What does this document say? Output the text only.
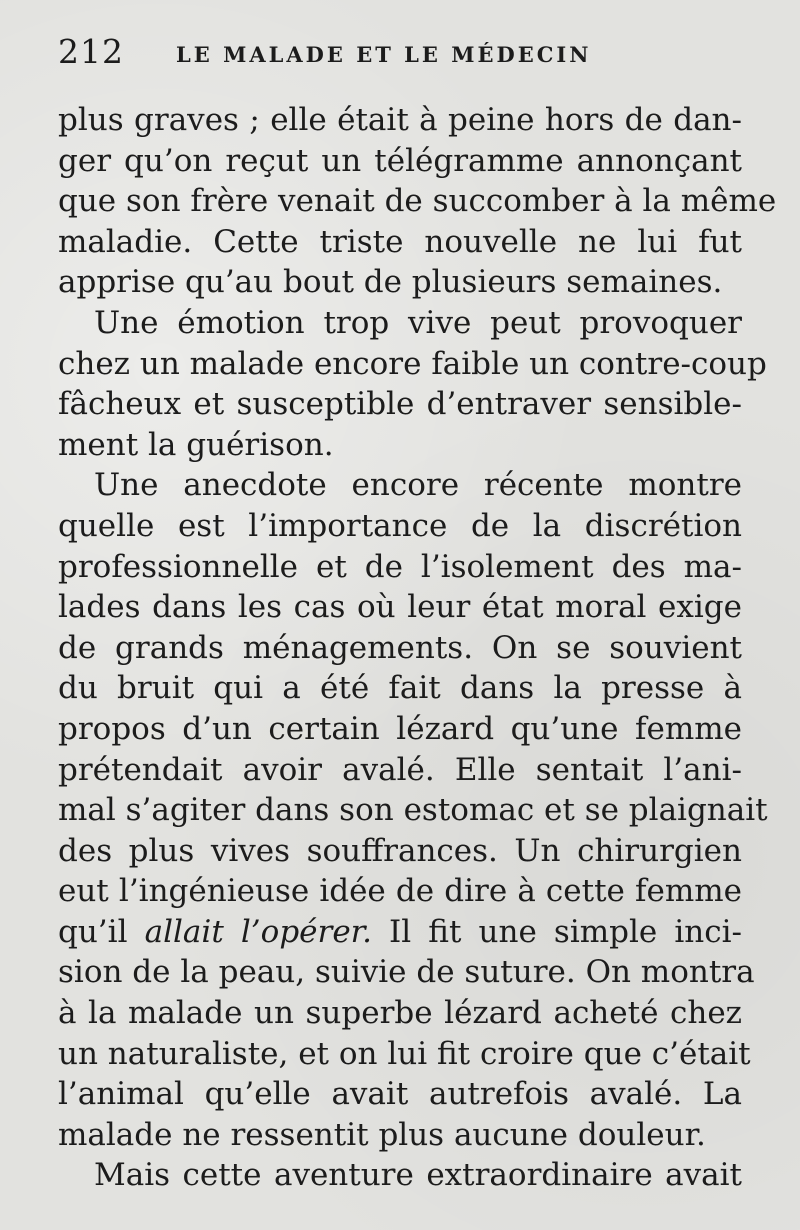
212 LE MALADE ET LE MÉDECIN
plus graves ; elle était à peine hors de dan-
ger qu’on reçut un télégramme annonçant
que son frère venait de succomber à la même
maladie. Cette triste nouvelle ne lui fut
apprise qu’au bout de plusieurs semaines.
Une émotion trop vive peut provoquer
chez un malade encore faible un contre-coup
fâcheux et susceptible d’entraver sensible-
ment la guérison.
Une anecdote encore récente montre
quelle est l’importance de la discrétion
professionnelle et de l’isolement des ma-
lades dans les cas où leur état moral exige
de grands ménagements. On se souvient
du bruit qui a été fait dans la presse à
propos d’un certain lézard qu’une femme
prétendait avoir avalé. Elle sentait l’ani-
mal s’agiter dans son estomac et se plaignait
des plus vives souffrances. Un chirurgien
eut l’ingénieuse idée de dire à cette femme
qu’il allait l’opérer. Il fit une simple inci-
sion de la peau, suivie de suture. On montra
à la malade un superbe lézard acheté chez
un naturaliste, et on lui fit croire que c’était
l’animal qu’elle avait autrefois avalé. La
malade ne ressentit plus aucune douleur.
Mais cette aventure extraordinaire avait
